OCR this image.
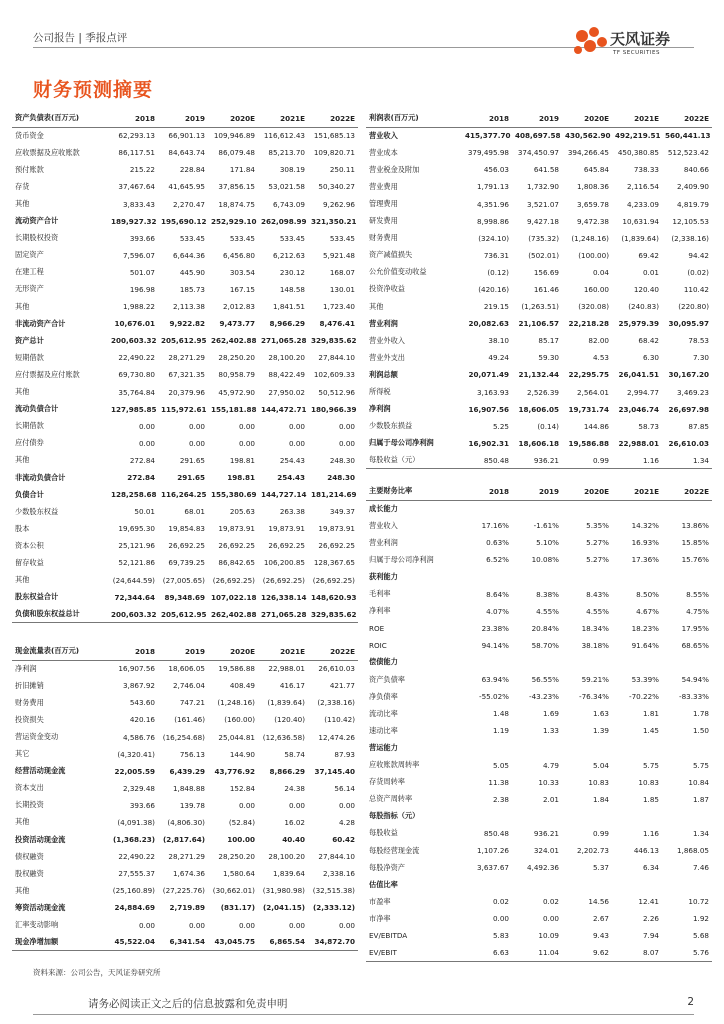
公司报告 | 季报点评	天风证券
TF SECURITIES
财务预测摘要
资产负债表(百万元)	2018	2019	2020E	2021E	2022E
货币资金	62,293.13	66,901.13	109,946.89	116,612.43	151,685.13
应收票据及应收账款	86,117.51	84,643.74	86,079.48	85,213.70	109,820.71
预付账款	215.22	228.84	171.84	308.19	250.11
存货	37,467.64	41,645.95	37,856.15	53,021.58	50,340.27
其他	3,833.43	2,270.47	18,874.75	6,743.09	9,262.96
流动资产合计	189,927.32	195,690.12	252,929.10	262,098.99	321,350.21
长期股权投资	393.66	533.45	533.45	533.45	533.45
固定资产	7,596.07	6,644.36	6,456.80	6,212.63	5,921.48
在建工程	501.07	445.90	303.54	230.12	168.07
无形资产	196.98	185.73	167.15	148.58	130.01
其他	1,988.22	2,113.38	2,012.83	1,841.51	1,723.40
非流动资产合计	10,676.01	9,922.82	9,473.77	8,966.29	8,476.41
资产总计	200,603.32	205,612.95	262,402.88	271,065.28	329,835.62
短期借款	22,490.22	28,271.29	28,250.20	28,100.20	27,844.10
应付票据及应付账款	69,730.80	67,321.35	80,958.79	88,422.49	102,609.33
其他	35,764.84	20,379.96	45,972.90	27,950.02	50,512.96
流动负债合计	127,985.85	115,972.61	155,181.88	144,472.71	180,966.39
长期借款	0.00	0.00	0.00	0.00	0.00
应付债券	0.00	0.00	0.00	0.00	0.00
其他	272.84	291.65	198.81	254.43	248.30
非流动负债合计	272.84	291.65	198.81	254.43	248.30
负债合计	128,258.68	116,264.25	155,380.69	144,727.14	181,214.69
少数股东权益	50.01	68.01	205.63	263.38	349.37
股本	19,695.30	19,854.83	19,873.91	19,873.91	19,873.91
资本公积	25,121.96	26,692.25	26,692.25	26,692.25	26,692.25
留存收益	52,121.86	69,739.25	86,842.65	106,200.85	128,367.65
其他	(24,644.59)	(27,005.65)	(26,692.25)	(26,692.25)	(26,692.25)
股东权益合计	72,344.64	89,348.69	107,022.18	126,338.14	148,620.93
负债和股东权益总计	200,603.32	205,612.95	262,402.88	271,065.28	329,835.62
利润表(百万元)	2018	2019	2020E	2021E	2022E
营业收入	415,377.70	408,697.58	430,562.90	492,219.51	560,441.13
营业成本	379,495.98	374,450.97	394,266.45	450,380.85	512,523.42
营业税金及附加	456.03	641.58	645.84	738.33	840.66
营业费用	1,791.13	1,732.90	1,808.36	2,116.54	2,409.90
管理费用	4,351.96	3,521.07	3,659.78	4,233.09	4,819.79
研发费用	8,998.86	9,427.18	9,472.38	10,631.94	12,105.53
财务费用	(324.10)	(735.32)	(1,248.16)	(1,839.64)	(2,338.16)
资产减值损失	736.31	(502.01)	(100.00)	69.42	94.42
公允价值变动收益	(0.12)	156.69	0.04	0.01	(0.02)
投资净收益	(420.16)	161.46	160.00	120.40	110.42
其他	219.15	(1,263.51)	(320.08)	(240.83)	(220.80)
营业利润	20,082.63	21,106.57	22,218.28	25,979.39	30,095.97
营业外收入	38.10	85.17	82.00	68.42	78.53
营业外支出	49.24	59.30	4.53	6.30	7.30
利润总额	20,071.49	21,132.44	22,295.75	26,041.51	30,167.20
所得税	3,163.93	2,526.39	2,564.01	2,994.77	3,469.23
净利润	16,907.56	18,606.05	19,731.74	23,046.74	26,697.98
少数股东损益	5.25	(0.14)	144.86	58.73	87.85
归属于母公司净利润	16,902.31	18,606.18	19,586.88	22,988.01	26,610.03
每股收益（元）	850.48	936.21	0.99	1.16	1.34
主要财务比率	2018	2019	2020E	2021E	2022E
成长能力					
营业收入	17.16%	-1.61%	5.35%	14.32%	13.86%
营业利润	0.63%	5.10%	5.27%	16.93%	15.85%
归属于母公司净利润	6.52%	10.08%	5.27%	17.36%	15.76%
获利能力					
毛利率	8.64%	8.38%	8.43%	8.50%	8.55%
净利率	4.07%	4.55%	4.55%	4.67%	4.75%
ROE	23.38%	20.84%	18.34%	18.23%	17.95%
ROIC	94.14%	58.70%	38.18%	91.64%	68.65%
偿债能力					
资产负债率	63.94%	56.55%	59.21%	53.39%	54.94%
净负债率	-55.02%	-43.23%	-76.34%	-70.22%	-83.33%
流动比率	1.48	1.69	1.63	1.81	1.78
速动比率	1.19	1.33	1.39	1.45	1.50
营运能力					
应收账款周转率	5.05	4.79	5.04	5.75	5.75
存货周转率	11.38	10.33	10.83	10.83	10.84
总资产周转率	2.38	2.01	1.84	1.85	1.87
每股指标（元）					
每股收益	850.48	936.21	0.99	1.16	1.34
每股经营现金流	1,107.26	324.01	2,202.73	446.13	1,868.05
每股净资产	3,637.67	4,492.36	5.37	6.34	7.46
估值比率					
市盈率	0.02	0.02	14.56	12.41	10.72
市净率	0.00	0.00	2.67	2.26	1.92
EV/EBITDA	5.83	10.09	9.43	7.94	5.68
EV/EBIT	6.63	11.04	9.62	8.07	5.76
现金流量表(百万元)	2018	2019	2020E	2021E	2022E
净利润	16,907.56	18,606.05	19,586.88	22,988.01	26,610.03
折旧摊销	3,867.92	2,746.04	408.49	416.17	421.77
财务费用	543.60	747.21	(1,248.16)	(1,839.64)	(2,338.16)
投资损失	420.16	(161.46)	(160.00)	(120.40)	(110.42)
营运资金变动	4,586.76	(16,254.68)	25,044.81	(12,636.58)	12,474.26
其它	(4,320.41)	756.13	144.90	58.74	87.93
经营活动现金流	22,005.59	6,439.29	43,776.92	8,866.29	37,145.40
资本支出	2,329.48	1,848.88	152.84	24.38	56.14
长期投资	393.66	139.78	0.00	0.00	0.00
其他	(4,091.38)	(4,806.30)	(52.84)	16.02	4.28
投资活动现金流	(1,368.23)	(2,817.64)	100.00	40.40	60.42
债权融资	22,490.22	28,271.29	28,250.20	28,100.20	27,844.10
股权融资	27,555.37	1,674.36	1,580.64	1,839.64	2,338.16
其他	(25,160.89)	(27,225.76)	(30,662.01)	(31,980.98)	(32,515.38)
筹资活动现金流	24,884.69	2,719.89	(831.17)	(2,041.15)	(2,333.12)
汇率变动影响	0.00	0.00	0.00	0.00	0.00
现金净增加额	45,522.04	6,341.54	43,045.75	6,865.54	34,872.70
资料来源：公司公告，天风证券研究所
请务必阅读正文之后的信息披露和免责申明	2
